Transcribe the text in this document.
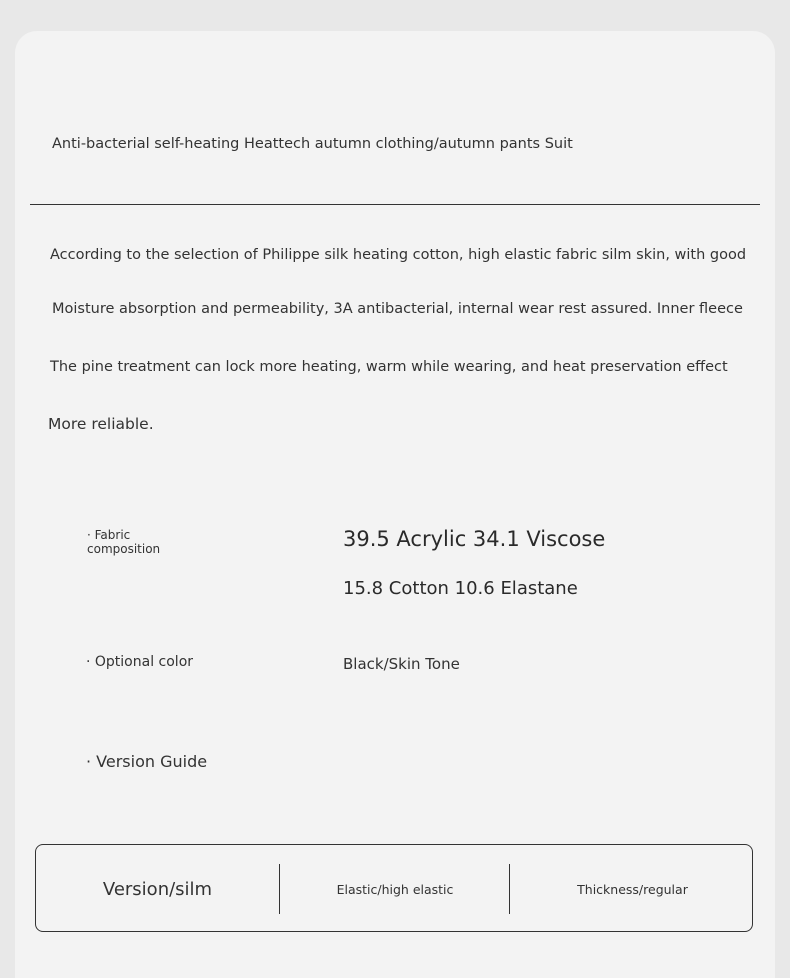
Anti-bacterial self-heating Heattech autumn clothing/autumn pants Suit
According to the selection of Philippe silk heating cotton, high elastic fabric silm skin, with good
Moisture absorption and permeability, 3A antibacterial, internal wear rest assured. Inner fleece
The pine treatment can lock more heating, warm while wearing, and heat preservation effect
More reliable.
· Fabric
composition	39.5 Acrylic 34.1 Viscose
15.8 Cotton 10.6 Elastane
· Optional color	Black/Skin Tone
· Version Guide
Version/silm	Elastic/high elastic	Thickness/regular
